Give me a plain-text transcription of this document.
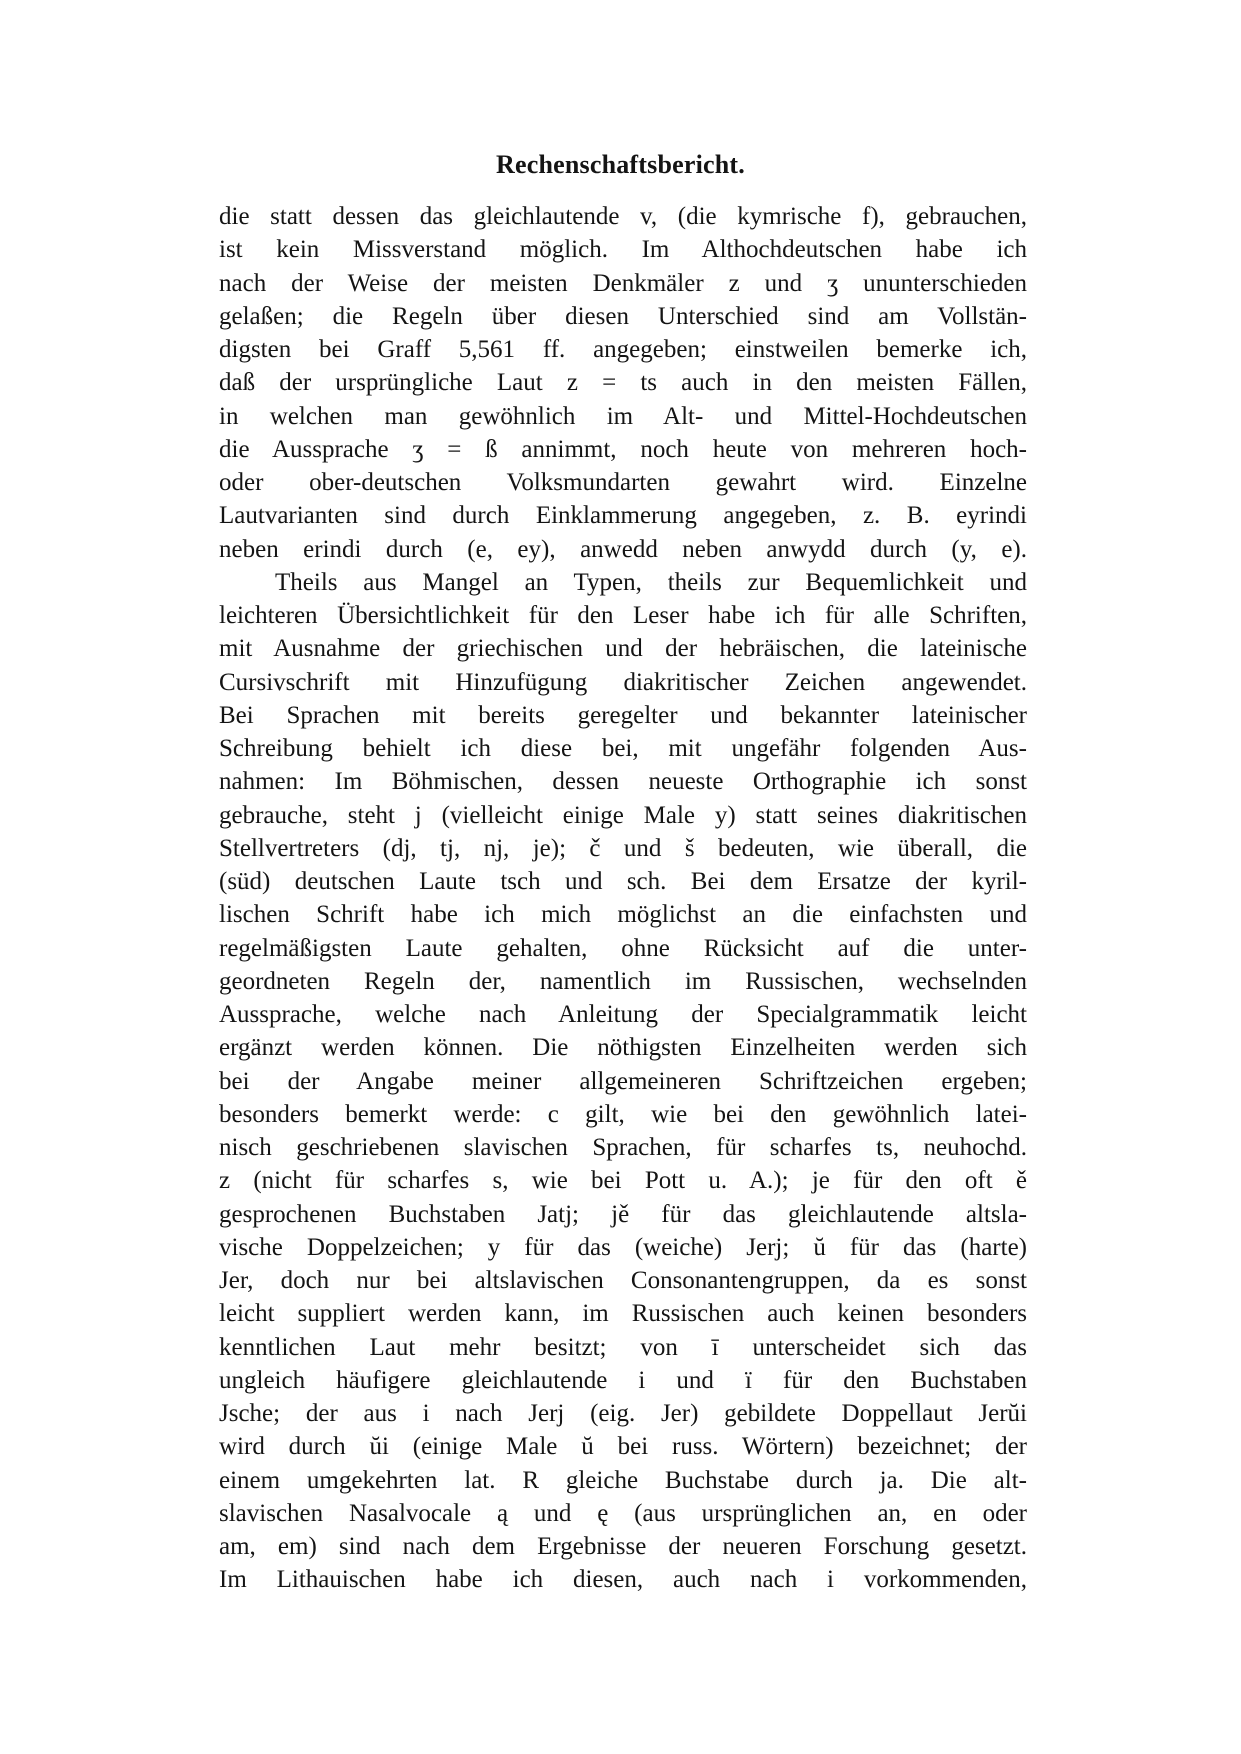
Rechenschaftsbericht.
die statt dessen das gleichlautende v, (die kymrische f), gebrauchen,
ist kein Missverstand möglich. Im Althochdeutschen habe ich
nach der Weise der meisten Denkmäler z und ʒ ununterschieden
gelaßen; die Regeln über diesen Unterschied sind am Vollstän-
digsten bei Graff 5,561 ff. angegeben; einstweilen bemerke ich,
daß der ursprüngliche Laut z = ts auch in den meisten Fällen,
in welchen man gewöhnlich im Alt- und Mittel-Hochdeutschen
die Aussprache ʒ = ß annimmt, noch heute von mehreren hoch-
oder ober-deutschen Volksmundarten gewahrt wird. Einzelne
Lautvarianten sind durch Einklammerung angegeben, z. B. eyrindi
neben erindi durch (e, ey), anwedd neben anwydd durch (y, e).
Theils aus Mangel an Typen, theils zur Bequemlichkeit und
leichteren Übersichtlichkeit für den Leser habe ich für alle Schriften,
mit Ausnahme der griechischen und der hebräischen, die lateinische
Cursivschrift mit Hinzufügung diakritischer Zeichen angewendet.
Bei Sprachen mit bereits geregelter und bekannter lateinischer
Schreibung behielt ich diese bei, mit ungefähr folgenden Aus-
nahmen: Im Böhmischen, dessen neueste Orthographie ich sonst
gebrauche, steht j (vielleicht einige Male y) statt seines diakritischen
Stellvertreters (dj, tj, nj, je); č und š bedeuten, wie überall, die
(süd) deutschen Laute tsch und sch. Bei dem Ersatze der kyril-
lischen Schrift habe ich mich möglichst an die einfachsten und
regelmäßigsten Laute gehalten, ohne Rücksicht auf die unter-
geordneten Regeln der, namentlich im Russischen, wechselnden
Aussprache, welche nach Anleitung der Specialgrammatik leicht
ergänzt werden können. Die nöthigsten Einzelheiten werden sich
bei der Angabe meiner allgemeineren Schriftzeichen ergeben;
besonders bemerkt werde: c gilt, wie bei den gewöhnlich latei-
nisch geschriebenen slavischen Sprachen, für scharfes ts, neuhochd.
z (nicht für scharfes s, wie bei Pott u. A.); je für den oft ě
gesprochenen Buchstaben Jatj; jě für das gleichlautende altsla-
vische Doppelzeichen; y für das (weiche) Jerj; ŭ für das (harte)
Jer, doch nur bei altslavischen Consonantengruppen, da es sonst
leicht suppliert werden kann, im Russischen auch keinen besonders
kenntlichen Laut mehr besitzt; von ī unterscheidet sich das
ungleich häufigere gleichlautende i und ï für den Buchstaben
Jsche; der aus i nach Jerj (eig. Jer) gebildete Doppellaut Jerŭi
wird durch ŭi (einige Male ŭ bei russ. Wörtern) bezeichnet; der
einem umgekehrten lat. R gleiche Buchstabe durch ja. Die alt-
slavischen Nasalvocale ą und ę (aus ursprünglichen an, en oder
am, em) sind nach dem Ergebnisse der neueren Forschung gesetzt.
Im Lithauischen habe ich diesen, auch nach i vorkommenden,
